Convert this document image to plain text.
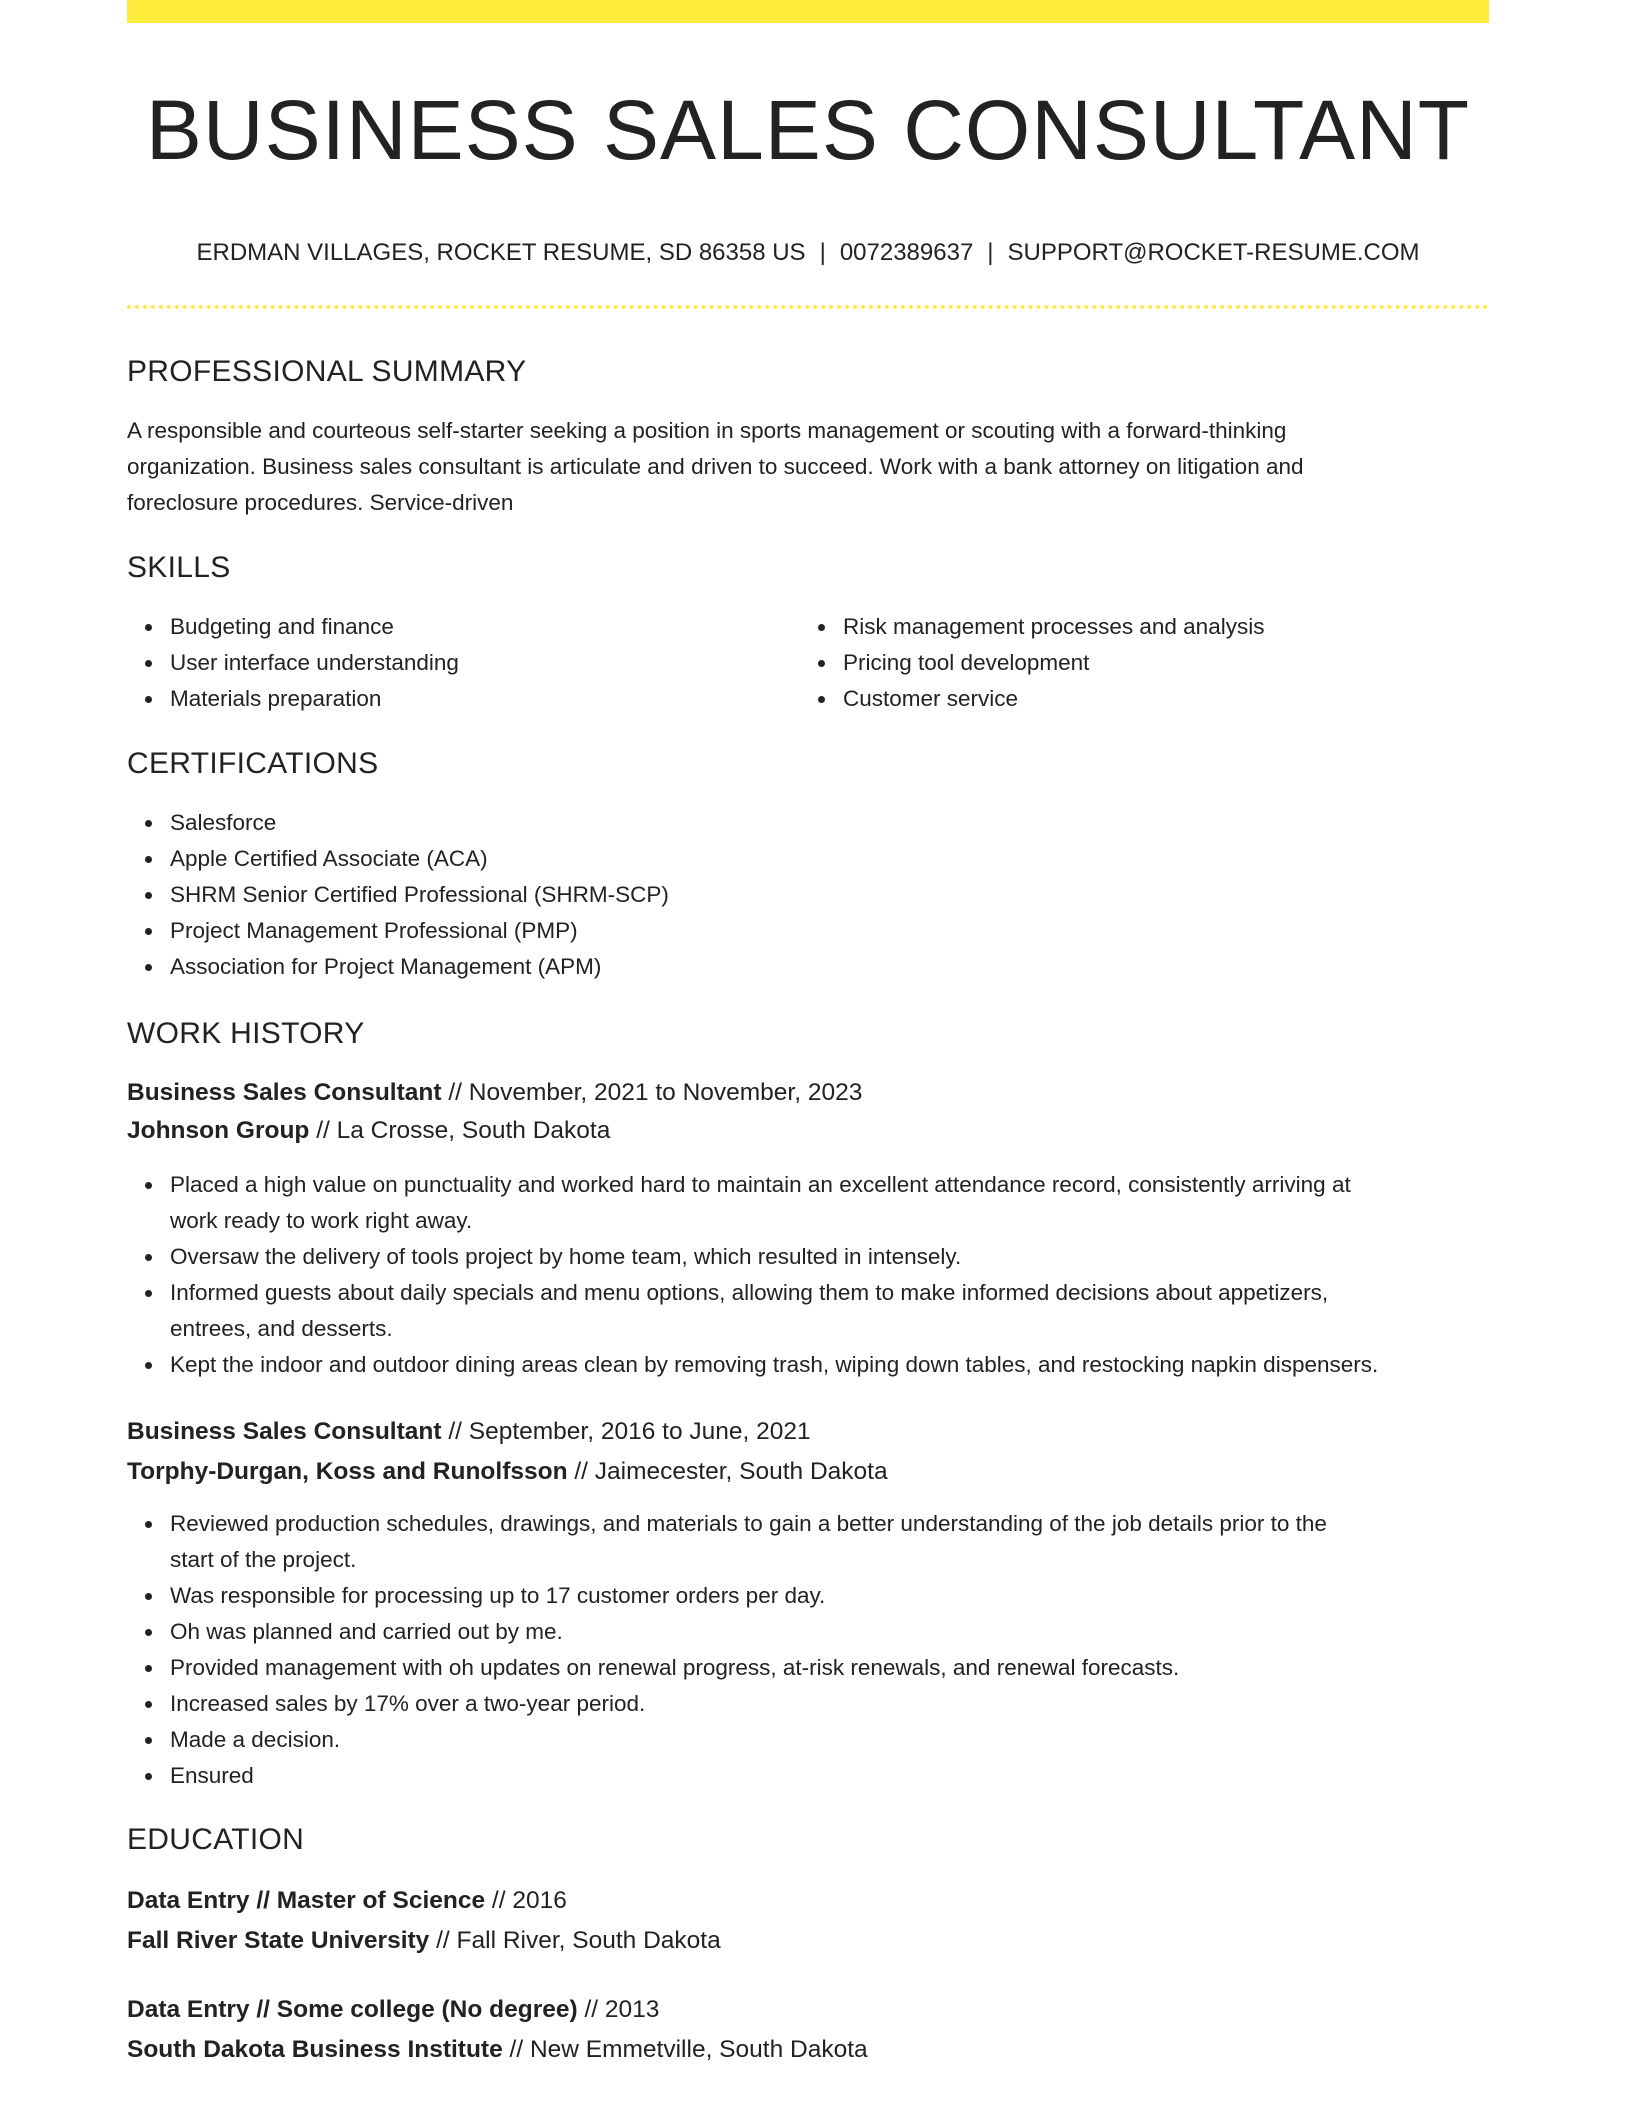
BUSINESS SALES CONSULTANT
ERDMAN VILLAGES, ROCKET RESUME, SD 86358 US | 0072389637 | SUPPORT@ROCKET-RESUME.COM
PROFESSIONAL SUMMARY
A responsible and courteous self-starter seeking a position in sports management or scouting with a forward-thinking
organization. Business sales consultant is articulate and driven to succeed. Work with a bank attorney on litigation and
foreclosure procedures. Service-driven
SKILLS
Budgeting and finance
User interface understanding
Materials preparation
Risk management processes and analysis
Pricing tool development
Customer service
CERTIFICATIONS
Salesforce
Apple Certified Associate (ACA)
SHRM Senior Certified Professional (SHRM-SCP)
Project Management Professional (PMP)
Association for Project Management (APM)
WORK HISTORY
Business Sales Consultant // November, 2021 to November, 2023
Johnson Group // La Crosse, South Dakota
Placed a high value on punctuality and worked hard to maintain an excellent attendance record, consistently arriving at
work ready to work right away.
Oversaw the delivery of tools project by home team, which resulted in intensely.
Informed guests about daily specials and menu options, allowing them to make informed decisions about appetizers,
entrees, and desserts.
Kept the indoor and outdoor dining areas clean by removing trash, wiping down tables, and restocking napkin dispensers.
Business Sales Consultant // September, 2016 to June, 2021
Torphy-Durgan, Koss and Runolfsson // Jaimecester, South Dakota
Reviewed production schedules, drawings, and materials to gain a better understanding of the job details prior to the
start of the project.
Was responsible for processing up to 17 customer orders per day.
Oh was planned and carried out by me.
Provided management with oh updates on renewal progress, at-risk renewals, and renewal forecasts.
Increased sales by 17% over a two-year period.
Made a decision.
Ensured
EDUCATION
Data Entry // Master of Science // 2016
Fall River State University // Fall River, South Dakota
Data Entry // Some college (No degree) // 2013
South Dakota Business Institute // New Emmetville, South Dakota
